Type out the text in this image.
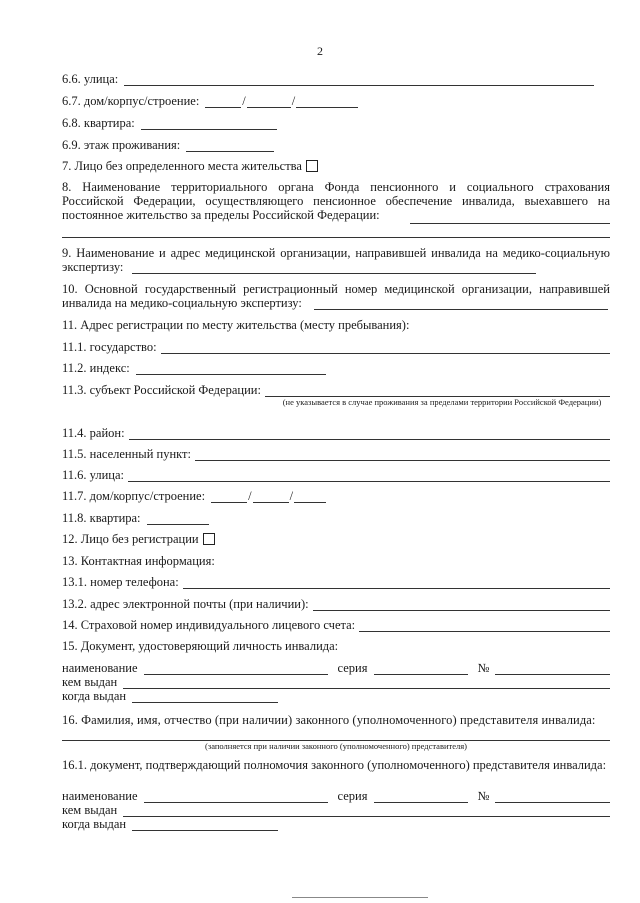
2
6.6. улица:
6.7. дом/корпус/строение:	/	/
6.8. квартира:
6.9. этаж проживания:
7. Лицо без определенного места жительства
8. Наименование территориального органа Фонда пенсионного и социального страхования Российской Федерации, осуществляющего пенсионное обеспечение инвалида, выехавшего на постоянное жительство за пределы Российской Федерации:
9. Наименование и адрес медицинской организации, направившей инвалида на медико-социальную экспертизу:
10. Основной государственный регистрационный номер медицинской организации, направившей инвалида на медико-социальную экспертизу:
11. Адрес регистрации по месту жительства (месту пребывания):
11.1. государство:
11.2. индекс:
11.3. субъект Российской Федерации:
(не указывается в случае проживания за пределами территории Российской Федерации)
11.4. район:
11.5. населенный пункт:
11.6. улица:
11.7. дом/корпус/строение:	/	/
11.8. квартира:
12. Лицо без регистрации
13. Контактная информация:
13.1. номер телефона:
13.2. адрес электронной почты (при наличии):
14. Страховой номер индивидуального лицевого счета:
15. Документ, удостоверяющий личность инвалида:
наименование	серия	№
кем выдан
когда выдан
16. Фамилия, имя, отчество (при наличии) законного (уполномоченного) представителя инвалида:
(заполняется при наличии законного (уполномоченного) представителя)
16.1. документ, подтверждающий полномочия законного (уполномоченного) представителя инвалида:
наименование	серия	№
кем выдан
когда выдан
